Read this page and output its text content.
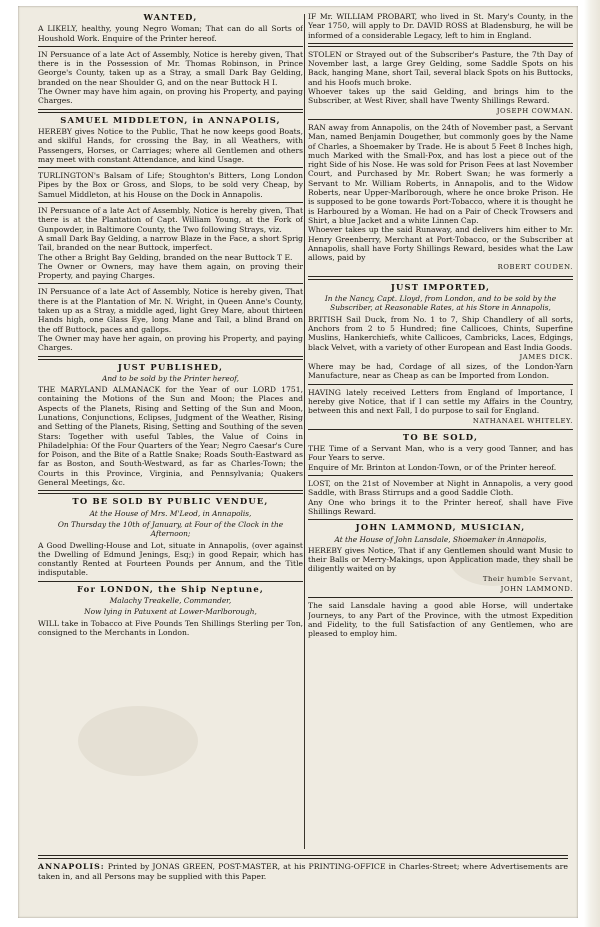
WANTED,

A LIKELY, healthy, young Negro Woman; That can do all Sorts of Houshold Work. Enquire of the Printer hereof.

IN Persuance of a late Act of Assembly, Notice is hereby given, That there is in the Possession of Mr. Thomas Robinson, in Prince George's County, taken up as a Stray, a small Dark Bay Gelding, branded on the near Shoulder G, and on the near Buttock H I.

The Owner may have him again, on proving his Property, and paying Charges.

SAMUEL MIDDLETON, in ANNAPOLIS,

HEREBY gives Notice to the Public, That he now keeps good Boats, and skilful Hands, for crossing the Bay, in all Weathers, with Passengers, Horses, or Carriages; where all Gentlemen and others may meet with constant Attendance, and kind Usage.

TURLINGTON's Balsam of Life; Stoughton's Bitters, Long London Pipes by the Box or Gross, and Slops, to be sold very Cheap, by Samuel Middleton, at his House on the Dock in Annapolis.

IN Persuance of a late Act of Assembly, Notice is hereby given, That there is at the Plantation of Capt. William Young, at the Fork of Gunpowder, in Baltimore County, the Two following Strays, viz.

A small Dark Bay Gelding, a narrow Blaze in the Face, a short Sprig Tail, branded on the near Buttock, imperfect.

The other a Bright Bay Gelding, branded on the near Buttock T E.

The Owner or Owners, may have them again, on proving their Property, and paying Charges.

IN Persuance of a late Act of Assembly, Notice is hereby given, That there is at the Plantation of Mr. N. Wright, in Queen Anne's County, taken up as a Stray, a middle aged, light Grey Mare, about thirteen Hands high, one Glass Eye, long Mane and Tail, a blind Brand on the off Buttock, paces and gallops.

The Owner may have her again, on proving his Property, and paying Charges.

JUST PUBLISHED,
And to be sold by the Printer hereof,

THE MARYLAND ALMANACK for the Year of our LORD 1751, containing the Motions of the Sun and Moon; the Places and Aspects of the Planets, Rising and Setting of the Sun and Moon, Lunations, Conjunctions, Eclipses, Judgment of the Weather, Rising and Setting of the Planets, Rising, Setting and Southing of the seven Stars: Together with useful Tables, the Value of Coins in Philadelphia: Of the Four Quarters of the Year; Negro Caesar's Cure for Poison, and the Bite of a Rattle Snake; Roads South-Eastward as far as Boston, and South-Westward, as far as Charles-Town; the Courts in this Province, Virginia, and Pennsylvania; Quakers General Meetings, &c.

TO BE SOLD BY PUBLIC VENDUE,
At the House of Mrs. M'Leod, in Annapolis,
On Thursday the 10th of January, at Four of the Clock in the Afternoon;

A Good Dwelling-House and Lot, situate in Annapolis, (over against the Dwelling of Edmund Jenings, Esq;) in good Repair, which has constantly Rented at Fourteen Pounds per Annum, and the Title indisputable.

For LONDON, the Ship Neptune,
Malachy Treakelle, Commander,
Now lying in Patuxent at Lower-Marlborough,

WILL take in Tobacco at Five Pounds Ten Shillings Sterling per Ton, consigned to the Merchants in London.

IF Mr. WILLIAM PROBART, who lived in St. Mary's County, in the Year 1750, will apply to Dr. DAVID ROSS at Bladensburg, he will be informed of a considerable Legacy, left to him in England.

STOLEN or Strayed out of the Subscriber's Pasture, the 7th Day of November last, a large Grey Gelding, some Saddle Spots on his Back, hanging Mane, short Tail, several black Spots on his Buttocks, and his Hoofs much broke.

Whoever takes up the said Gelding, and brings him to the Subscriber, at West River, shall have Twenty Shillings Reward.

JOSEPH COWMAN.

RAN away from Annapolis, on the 24th of November past, a Servant Man, named Benjamin Dougether, but commonly goes by the Name of Charles, a Shoemaker by Trade. He is about 5 Feet 8 Inches high, much Marked with the Small-Pox, and has lost a piece out of the right Side of his Nose. He was sold for Prison Fees at last November Court, and Purchased by Mr. Robert Swan; he was formerly a Servant to Mr. William Roberts, in Annapolis, and to the Widow Roberts, near Upper-Marlborough, where he once broke Prison. He is supposed to be gone towards Port-Tobacco, where it is thought he is Harboured by a Woman. He had on a Pair of Check Trowsers and Shirt, a blue Jacket and a white Linnen Cap.

Whoever takes up the said Runaway, and delivers him either to Mr. Henry Greenberry, Merchant at Port-Tobacco, or the Subscriber at Annapolis, shall have Forty Shillings Reward, besides what the Law allows, paid by

ROBERT COUDEN.
JUST IMPORTED,
In the Nancy, Capt. Lloyd, from London, and to be sold by the Subscriber, at Reasonable Rates, at his Store in Annapolis,

BRITISH Sail Duck, from No. 1 to 7, Ship Chandlery of all sorts, Anchors from 2 to 5 Hundred; fine Callicoes, Chints, Superfine Muslins, Hankerchiefs, white Callicoes, Cambricks, Laces, Edgings, black Velvet, with a variety of other European and East India Goods.

JAMES DICK.

Where may be had, Cordage of all sizes, of the London-Yarn Manufacture, near as Cheap as can be Imported from London.

HAVING lately received Letters from England of Importance, I hereby give Notice, that if I can settle my Affairs in the Country, between this and next Fall, I do purpose to sail for England.

NATHANAEL WHITELEY.
TO BE SOLD,

THE Time of a Servant Man, who is a very good Tanner, and has Four Years to serve.

Enquire of Mr. Brinton at London-Town, or of the Printer hereof.

LOST, on the 21st of November at Night in Annapolis, a very good Saddle, with Brass Stirrups and a good Saddle Cloth.

Any One who brings it to the Printer hereof, shall have Five Shillings Reward.

JOHN LAMMOND, MUSICIAN,
At the House of John Lansdale, Shoemaker in Annapolis,

HEREBY gives Notice, That if any Gentlemen should want Music to their Balls or Merry-Makings, upon Application made, they shall be diligently waited on by

Their humble Servant,
JOHN LAMMOND.

The said Lansdale having a good able Horse, will undertake Journeys, to any Part of the Province, with the utmost Expedition and Fidelity, to the full Satisfaction of any Gentlemen, who are pleased to employ him.

ANNAPOLIS: Printed by JONAS GREEN, POST-MASTER, at his PRINTING-OFFICE in Charles-Street; where Advertisements are taken in, and all Persons may be supplied with this Paper.
